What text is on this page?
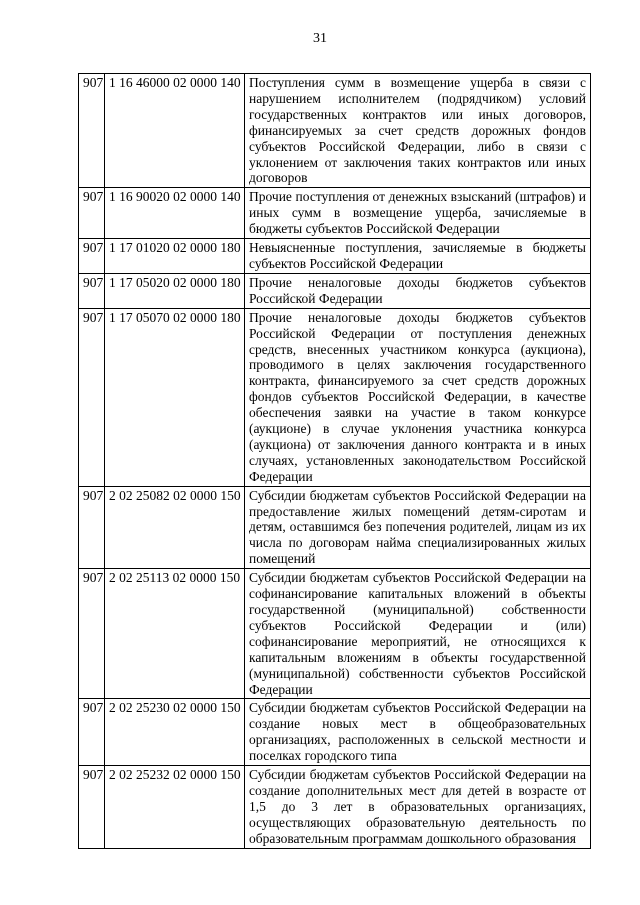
31
907	1 16 46000 02 0000 140	Поступления сумм в возмещение ущерба в связи с нарушением исполнителем (подрядчиком) условий государственных контрактов или иных договоров, финансируемых за счет средств дорожных фондов субъектов Российской Федерации, либо в связи с уклонением от заключения таких контрактов или иных договоров
907	1 16 90020 02 0000 140	Прочие поступления от денежных взысканий (штрафов) и иных сумм в возмещение ущерба, зачисляемые в бюджеты субъектов Российской Федерации
907	1 17 01020 02 0000 180	Невыясненные поступления, зачисляемые в бюджеты субъектов Российской Федерации
907	1 17 05020 02 0000 180	Прочие неналоговые доходы бюджетов субъектов Российской Федерации
907	1 17 05070 02 0000 180	Прочие неналоговые доходы бюджетов субъектов Российской Федерации от поступления денежных средств, внесенных участником конкурса (аукциона), проводимого в целях заключения государственного контракта, финансируемого за счет средств дорожных фондов субъектов Российской Федерации, в качестве обеспечения заявки на участие в таком конкурсе (аукционе) в случае уклонения участника конкурса (аукциона) от заключения данного контракта и в иных случаях, установленных законодательством Российской Федерации
907	2 02 25082 02 0000 150	Субсидии бюджетам субъектов Российской Федерации на предоставление жилых помещений детям-сиротам и детям, оставшимся без попечения родителей, лицам из их числа по договорам найма специализированных жилых помещений
907	2 02 25113 02 0000 150	Субсидии бюджетам субъектов Российской Федерации на софинансирование капитальных вложений в объекты государственной (муниципальной) собственности субъектов Российской Федерации и (или) софинансирование мероприятий, не относящихся к капитальным вложениям в объекты государственной (муниципальной) собственности субъектов Российской Федерации
907	2 02 25230 02 0000 150	Субсидии бюджетам субъектов Российской Федерации на создание новых мест в общеобразовательных организациях, расположенных в сельской местности и поселках городского типа
907	2 02 25232 02 0000 150	Субсидии бюджетам субъектов Российской Федерации на создание дополнительных мест для детей в возрасте от 1,5 до 3 лет в образовательных организациях, осуществляющих образовательную деятельность по образовательным программам дошкольного образования
